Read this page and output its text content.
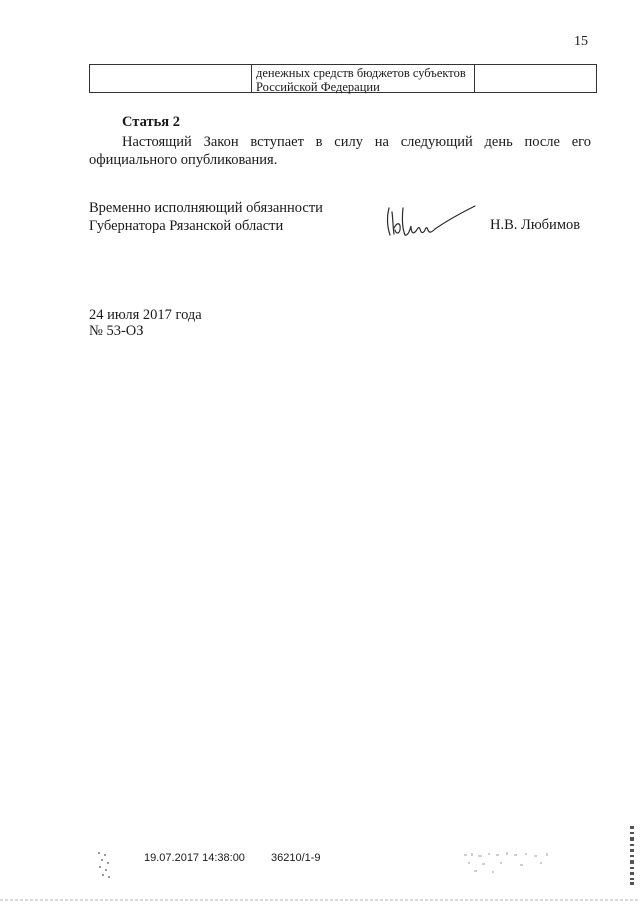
15
денежных средств бюджетов субъектов
Российской Федерации
Статья 2
Настоящий Закон вступает в силу на следующий день после его
официального опубликования.
Временно исполняющий обязанности
Губернатора Рязанской области	Н.В. Любимов
24 июля 2017 года
№ 53-ОЗ
19.07.2017 14:38:00 36210/1-9
